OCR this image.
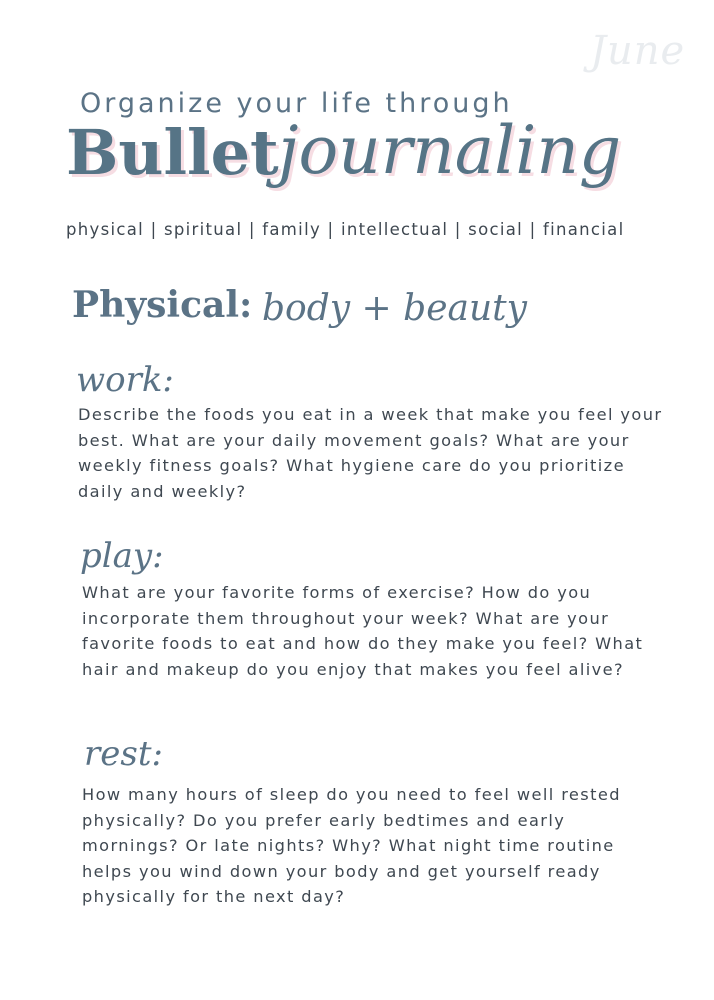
June
Organize your life through
Bullet journaling
physical | spiritual | family | intellectual | social | financial
Physical: body + beauty
work:
Describe the foods you eat in a week that make you feel your best. What are your daily movement goals? What are your weekly fitness goals? What hygiene care do you prioritize daily and weekly?
play:
What are your favorite forms of exercise? How do you incorporate them throughout your week? What are your favorite foods to eat and how do they make you feel? What hair and makeup do you enjoy that makes you feel alive?
rest:
How many hours of sleep do you need to feel well rested physically? Do you prefer early bedtimes and early mornings? Or late nights? Why? What night time routine helps you wind down your body and get yourself ready physically for the next day?
